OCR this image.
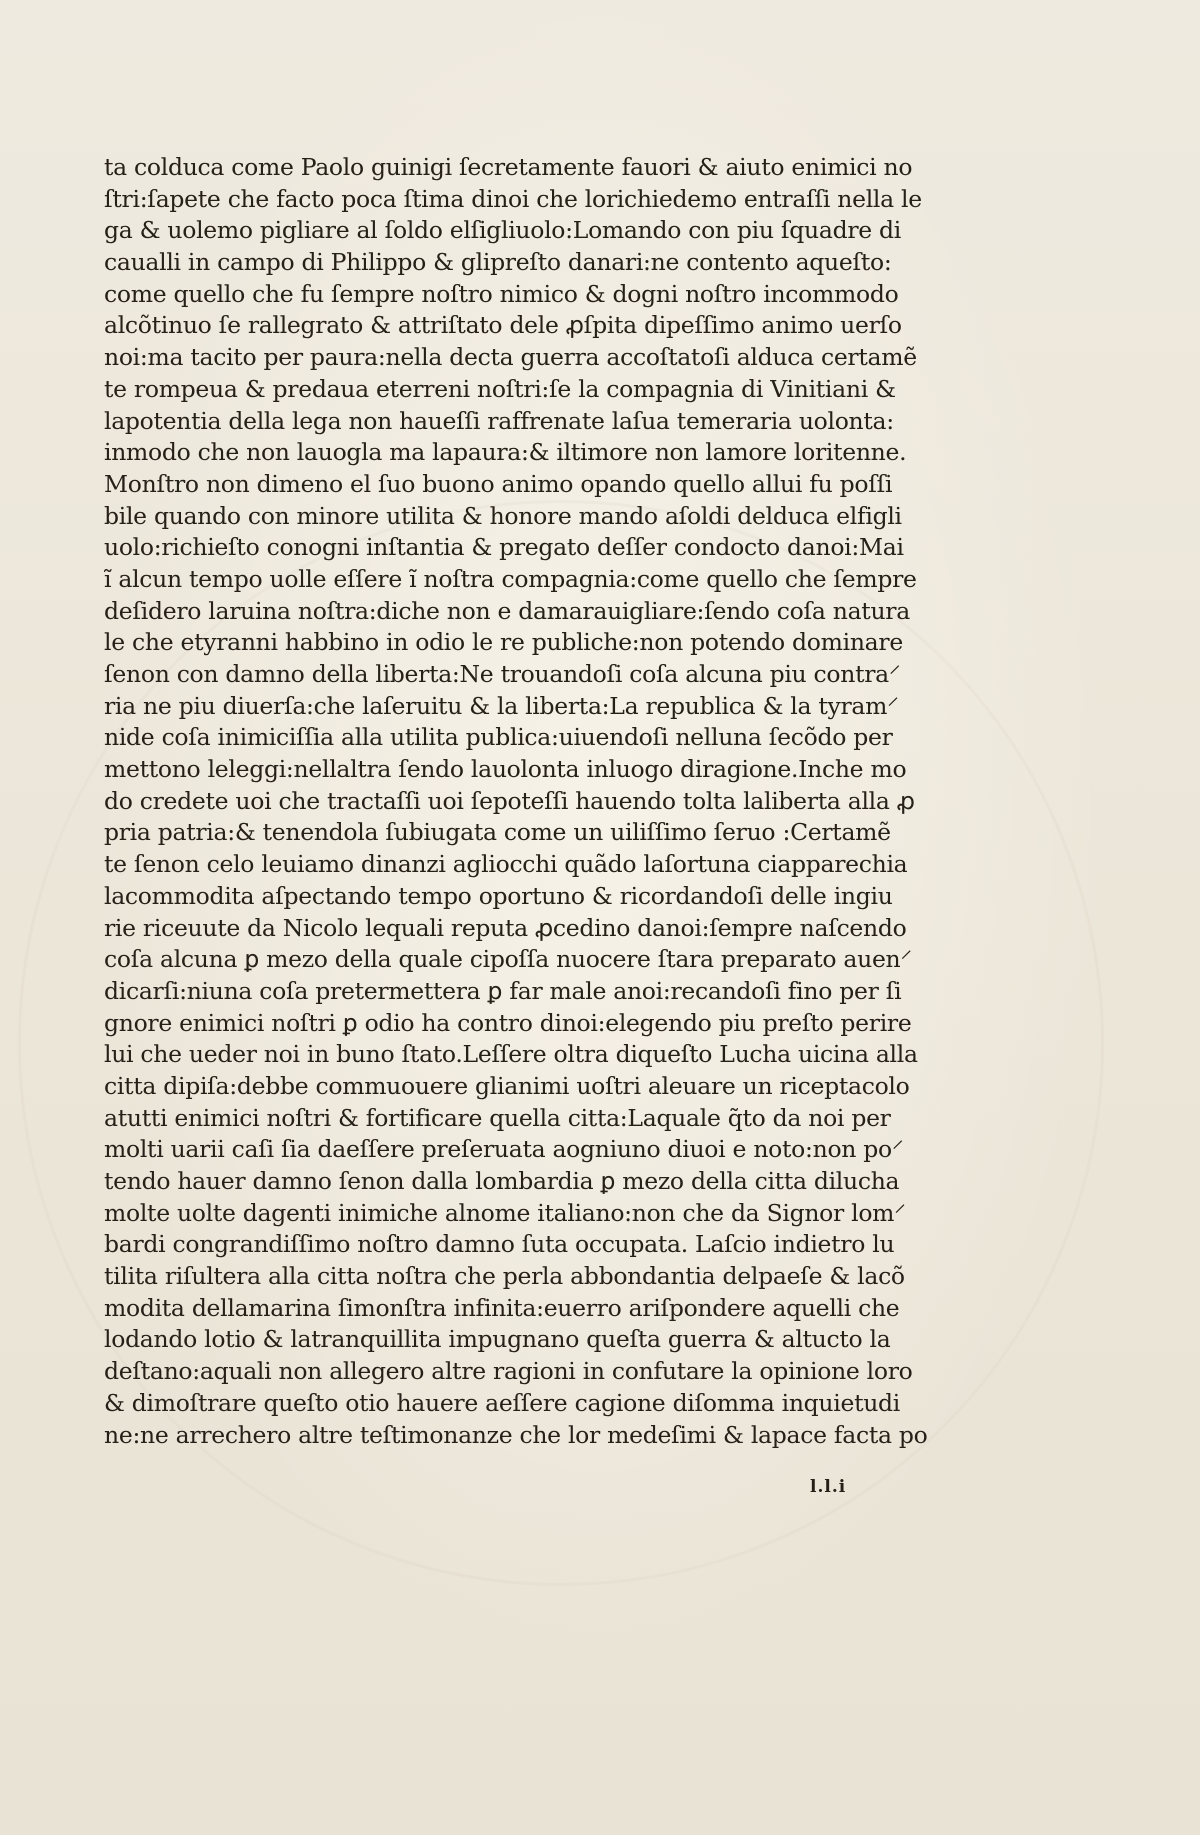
ta colduca come Paolo guinigi ſecretamente fauori & aiuto enimici no
ſtri:ſapete che facto poca ſtima dinoi che lorichiedemo entraſſi nella le
ga & uolemo pigliare al ſoldo elſigliuolo:Lomando con piu ſquadre di
caualli in campo di Philippo & glipreſto danari:ne contento aqueſto:
come quello che fu ſempre noſtro nimico & dogni noſtro incommodo
alcõtinuo ſe rallegrato & attriſtato dele ꝓſpita dipeſſimo animo uerſo
noi:ma tacito per paura:nella decta guerra accoſtatoſi alduca certamẽ
te rompeua & predaua eterreni noſtri:ſe la compagnia di Vinitiani &
lapotentia della lega non haueſſi raffrenate laſua temeraria uolonta:
inmodo che non lauogla ma lapaura:& iltimore non lamore loritenne.
Monſtro non dimeno el ſuo buono animo opando quello allui fu poſſi
bile quando con minore utilita & honore mando aſoldi delduca elfigli
uolo:richieſto conogni inſtantia & pregato deſſer condocto danoi:Mai
ĩ alcun tempo uolle eſſere ĩ noſtra compagnia:come quello che ſempre
deſidero laruina noſtra:diche non e damarauigliare:ſendo coſa natura
le che etyranni habbino in odio le re publiche:non potendo dominare
ſenon con damno della liberta:Ne trouandoſi coſa alcuna piu contra⸍
ria ne piu diuerſa:che laſeruitu & la liberta:La republica & la tyram⸍
nide coſa inimiciſſia alla utilita publica:uiuendoſi nelluna ſecõdo per
mettono leleggi:nellaltra ſendo lauolonta inluogo diragione.Inche mo
do credete uoi che tractaſſi uoi ſepoteſſi hauendo tolta laliberta alla ꝓ
pria patria:& tenendola ſubiugata come un uiliſſimo ſeruo :Certamẽ
te ſenon celo leuiamo dinanzi agliocchi quãdo laſortuna ciapparechia
lacommodita aſpectando tempo oportuno & ricordandoſi delle ingiu
rie riceuute da Nicolo lequali reputa ꝓcedino danoi:ſempre naſcendo
coſa alcuna ꝑ mezo della quale cipoſſa nuocere ſtara preparato auen⸍
dicarſi:niuna coſa pretermettera ꝑ far male anoi:recandoſi fino per ſi
gnore enimici noſtri ꝑ odio ha contro dinoi:elegendo piu preſto perire
lui che ueder noi in buno ſtato.Leſſere oltra diqueſto Lucha uicina alla
citta dipiſa:debbe commuouere glianimi uoſtri aleuare un riceptacolo
atutti enimici noſtri & fortificare quella citta:Laquale q̃to da noi per
molti uarii caſi ſia daeſſere preſeruata aogniuno diuoi e noto:non po⸍
tendo hauer damno ſenon dalla lombardia ꝑ mezo della citta dilucha
molte uolte dagenti inimiche alnome italiano:non che da Signor lom⸍
bardi congrandiſſimo noſtro damno ſuta occupata. Laſcio indietro lu
tilita riſultera alla citta noſtra che perla abbondantia delpaeſe & lacõ
modita dellamarina ſimonſtra infinita:euerro ariſpondere aquelli che
lodando lotio & latranquillita impugnano queſta guerra & altucto la
deſtano:aquali non allegero altre ragioni in confutare la opinione loro
& dimoſtrare queſto otio hauere aeſſere cagione diſomma inquietudi
ne:ne arrechero altre teſtimonanze che lor medeſimi & lapace facta po
l.l.i
